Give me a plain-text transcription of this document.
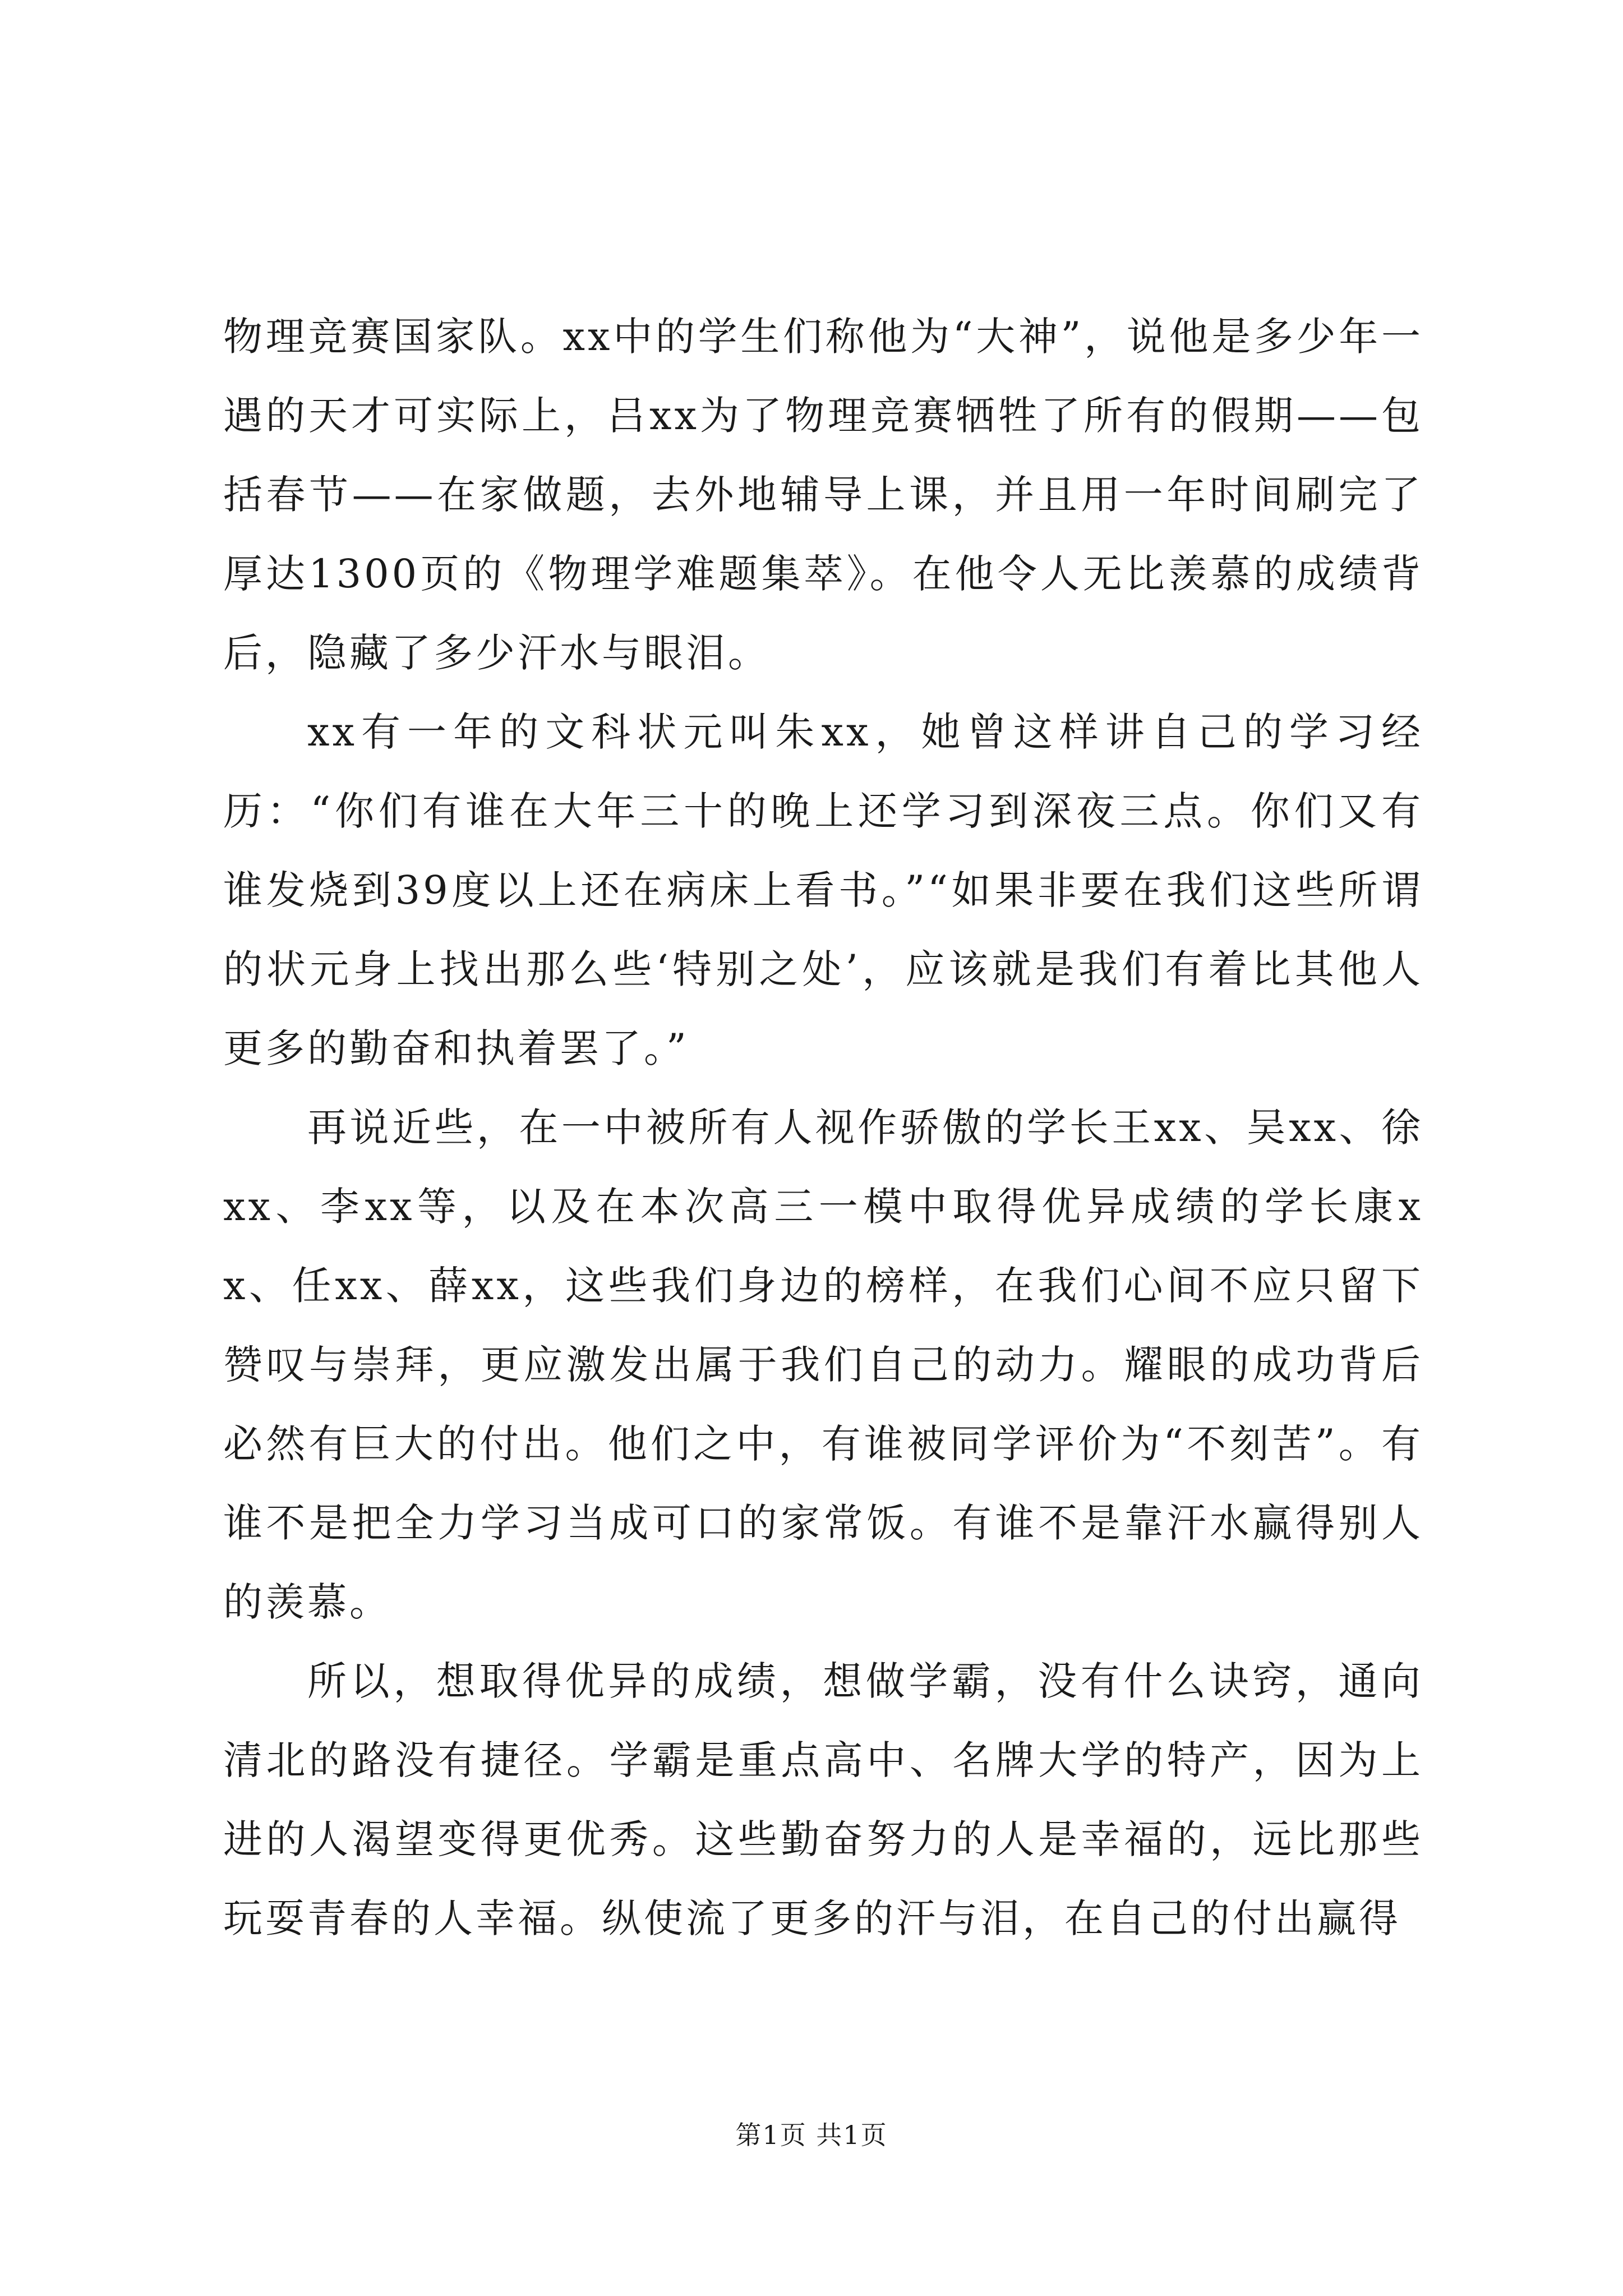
物理竞赛国家队。xx中的学生们称他为“大神”，说他是多少年一遇的天才可实际上，吕xx为了物理竞赛牺牲了所有的假期——包括春节——在家做题，去外地辅导上课，并且用一年时间刷完了厚达1300页的《物理学难题集萃》。在他令人无比羡慕的成绩背后，隐藏了多少汗水与眼泪。

xx有一年的文科状元叫朱xx，她曾这样讲自己的学习经历：“你们有谁在大年三十的晚上还学习到深夜三点。你们又有谁发烧到39度以上还在病床上看书。”“如果非要在我们这些所谓的状元身上找出那么些‘特别之处’，应该就是我们有着比其他人更多的勤奋和执着罢了。”

再说近些，在一中被所有人视作骄傲的学长王xx、吴xx、徐xx、李xx等，以及在本次高三一模中取得优异成绩的学长康xx、任xx、薛xx，这些我们身边的榜样，在我们心间不应只留下赞叹与崇拜，更应激发出属于我们自己的动力。耀眼的成功背后必然有巨大的付出。他们之中，有谁被同学评价为“不刻苦”。有谁不是把全力学习当成可口的家常饭。有谁不是靠汗水赢得别人的羡慕。

所以，想取得优异的成绩，想做学霸，没有什么诀窍，通向清北的路没有捷径。学霸是重点高中、名牌大学的特产，因为上进的人渴望变得更优秀。这些勤奋努力的人是幸福的，远比那些玩耍青春的人幸福。纵使流了更多的汗与泪，在自己的付出赢得

第1页 共1页
